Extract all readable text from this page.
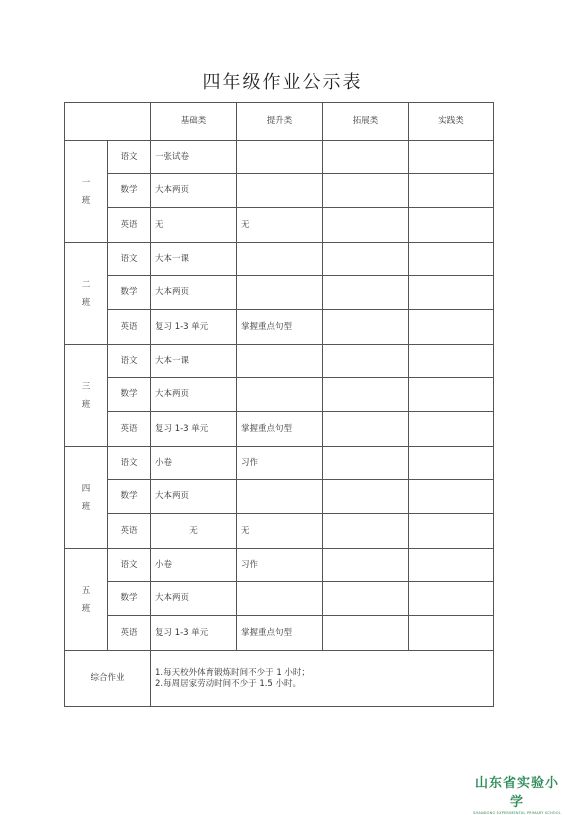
四年级作业公示表
		基础类	提升类	拓展类	实践类

一
班	语文	一张试卷			
	数学	大本两页			
	英语	无	无		

二
班	语文	大本一课			
	数学	大本两页			
	英语	复习 1-3 单元	掌握重点句型		

三
班	语文	大本一课			
	数学	大本两页			
	英语	复习 1-3 单元	掌握重点句型		

四
班	语文	小卷	习作		
	数学	大本两页			
	英语	无	无		

五
班	语文	小卷	习作		
	数学	大本两页			
	英语	复习 1-3 单元	掌握重点句型		
综合作业		1.每天校外体育锻炼时间不少于 1 小时；
2.每周居家劳动时间不少于 1.5 小时。			
山东省实验小学
SHANDONG EXPERIMENTAL PRIMARY SCHOOL
